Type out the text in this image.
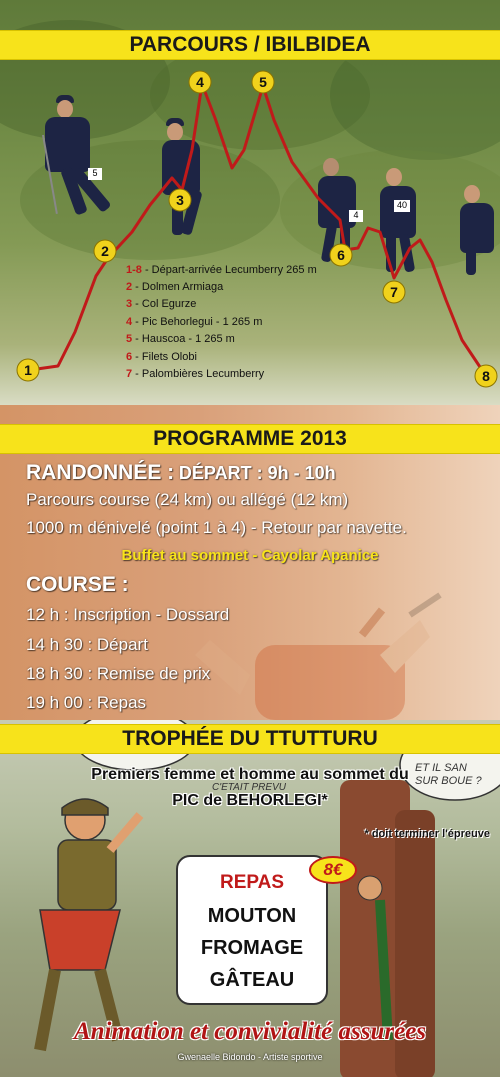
5
4
40
1
2
3
4	5
6
7
8
1-8 - Départ-arrivée Lecumberry 265 m
2 - Dolmen Armiaga
3 - Col Egurze
4 - Pic Behorlegui - 1 265 m
5 - Hauscoa - 1 265 m
6 - Filets Olobi
7 - Palombières Lecumberry
PARCOURS / IBILBIDEA
PROGRAMME 2013
RANDONNÉE : DÉPART : 9h - 10h
Parcours course (24 km) ou allégé (12 km)
1000 m dénivelé (point 1 à 4) - Retour par navette.
Buffet au sommet - Cayolar Apanice
COURSE :
12 h : Inscription - Dossard
14 h 30 : Départ
18 h 30 : Remise de prix
19 h 00 : Repas
C'ETAIT PREVU
ET IL SAN
SUR BOUE ?
TROPHÉE DU TTUTTURU
Premiers femme et homme au sommet du
PIC de BEHORLEGI*
* doit terminer l'épreuve
8€
REPAS
MOUTON
FROMAGE
GÂTEAU
Animation et convivialité assurées
Gwenaelle Bidondo - Artiste sportive
